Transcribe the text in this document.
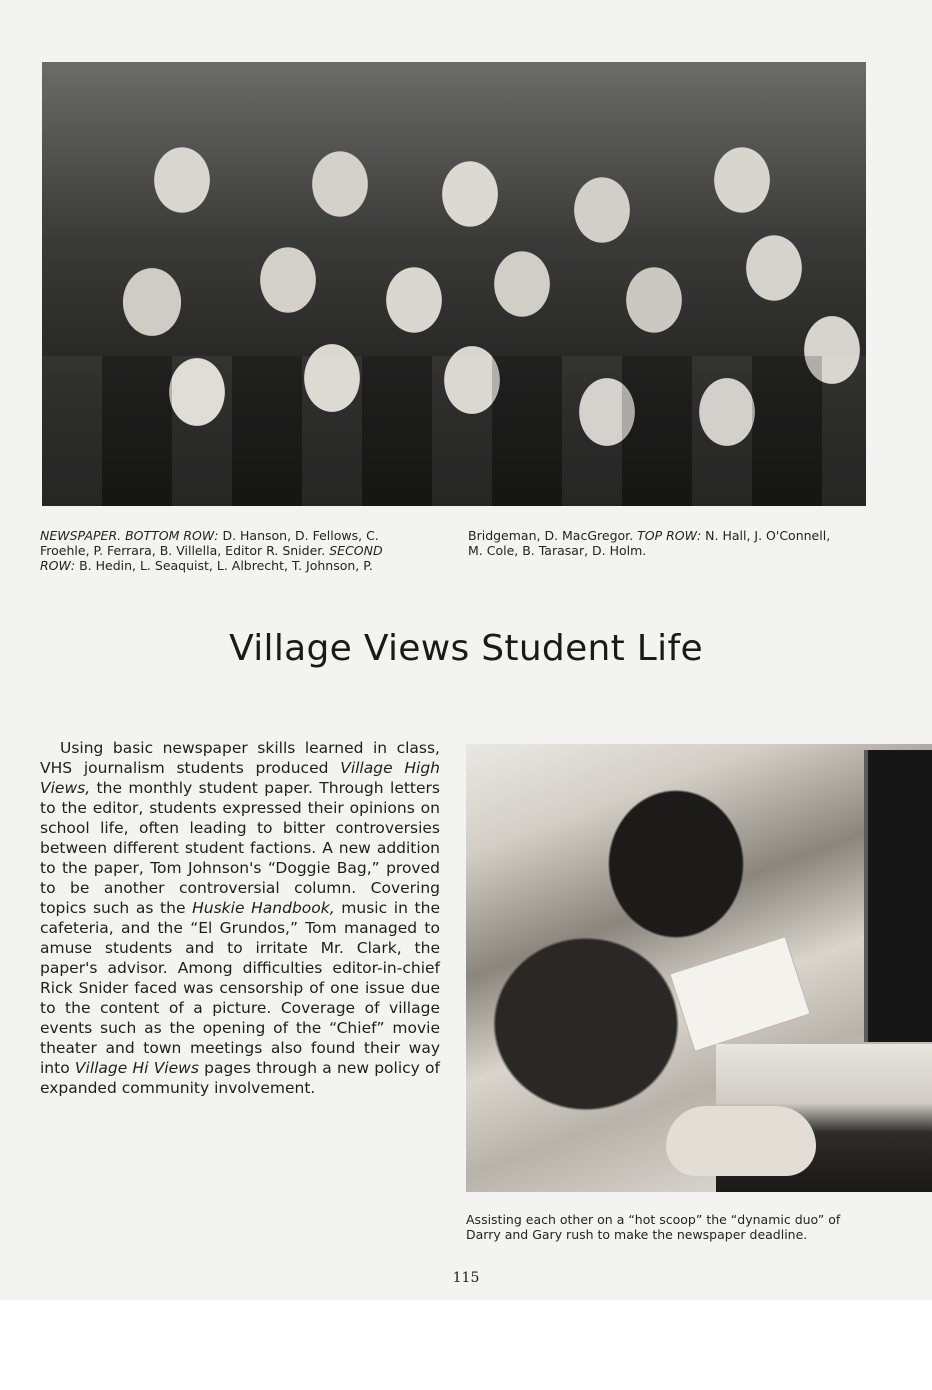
NEWSPAPER. BOTTOM ROW: D. Hanson, D. Fellows, C.
Froehle, P. Ferrara, B. Villella, Editor R. Snider. SECOND
ROW: B. Hedin, L. Seaquist, L. Albrecht, T. Johnson, P.
Bridgeman, D. MacGregor. TOP ROW: N. Hall, J. O'Connell,
M. Cole, B. Tarasar, D. Holm.
Village Views Student Life

Using basic newspaper skills learned in class, VHS journalism students produced Village High Views, the monthly student paper. Through letters to the editor, students expressed their opinions on school life, often leading to bitter controversies between different student factions. A new addition to the paper, Tom Johnson's “Doggie Bag,” proved to be another controversial column. Covering topics such as the Huskie Handbook, music in the cafeteria, and the “El Grundos,” Tom managed to amuse students and to irritate Mr. Clark, the paper's advisor. Among difficulties editor-in-chief Rick Snider faced was censorship of one issue due to the content of a picture. Coverage of village events such as the opening of the “Chief” movie theater and town meetings also found their way into Village Hi Views pages through a new policy of expanded community involvement.

Assisting each other on a “hot scoop” the “dynamic duo” of
Darry and Gary rush to make the newspaper deadline.
115
